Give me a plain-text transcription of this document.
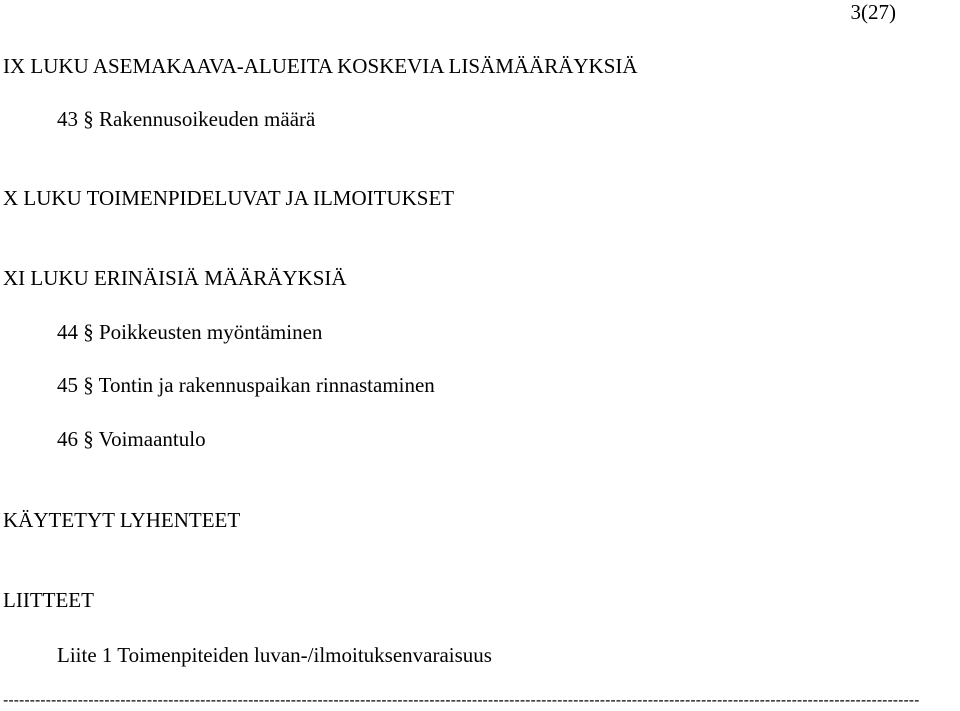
3(27)
IX LUKU ASEMAKAAVA-ALUEITA KOSKEVIA LISÄMÄÄRÄYKSIÄ
43 § Rakennusoikeuden määrä
X LUKU TOIMENPIDELUVAT JA ILMOITUKSET
XI LUKU ERINÄISIÄ MÄÄRÄYKSIÄ
44 § Poikkeusten myöntäminen
45 § Tontin ja rakennuspaikan rinnastaminen
46 § Voimaantulo
KÄYTETYT LYHENTEET
LIITTEET
Liite 1 Toimenpiteiden luvan-/ilmoituksenvaraisuus
----------------------------------------------------------------------------------------------------------------------------------------------------------------------------
